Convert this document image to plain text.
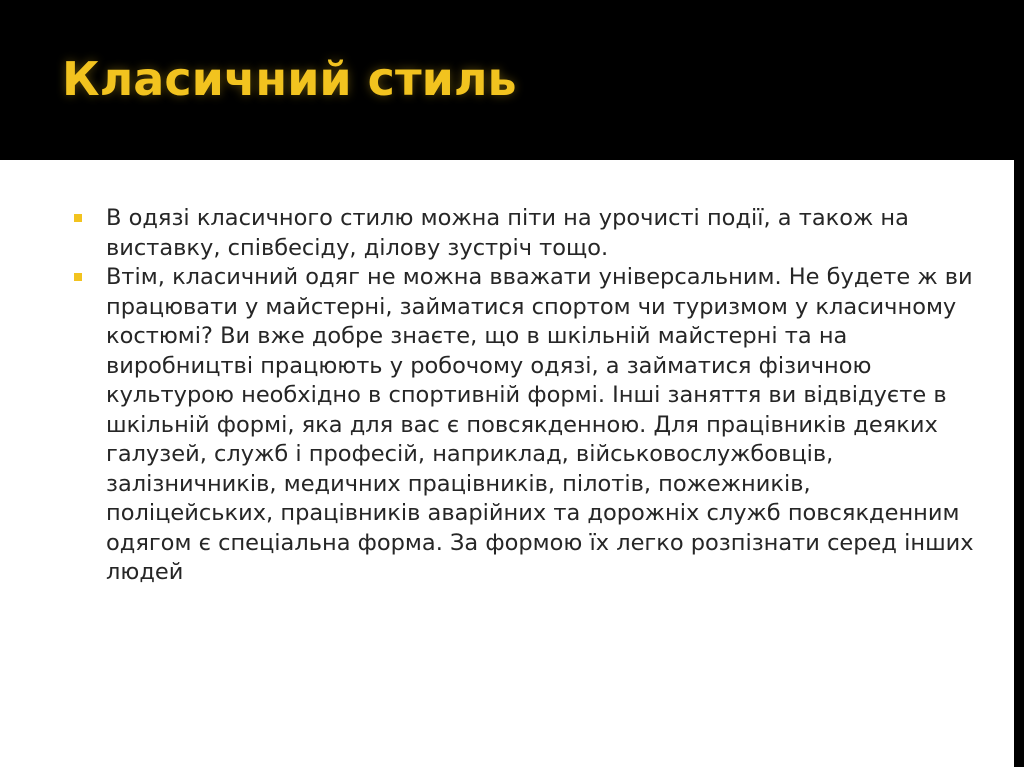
Класичний стиль
В одязі класичного стилю можна піти на урочисті події, а також на виставку, співбесіду, ділову зустріч тощо.
Втім, класичний одяг не можна вважати універсальним. Не будете ж ви працювати у майстерні, займатися спортом чи туризмом у класичному костюмі? Ви вже добре знаєте, що в шкільній майстерні та на виробництві працюють у робочому одязі, а займатися фізичною культурою необхідно в спортивній формі. Інші заняття ви відвідуєте в шкільній формі, яка для вас є повсякденною. Для працівників деяких галузей, служб і професій, наприклад, військовослужбовців, залізничників, медичних працівників, пілотів, пожежників, поліцейських, працівників аварійних та дорожніх служб повсякденним одягом є спеціальна форма. За формою їх легко розпізнати серед інших людей
